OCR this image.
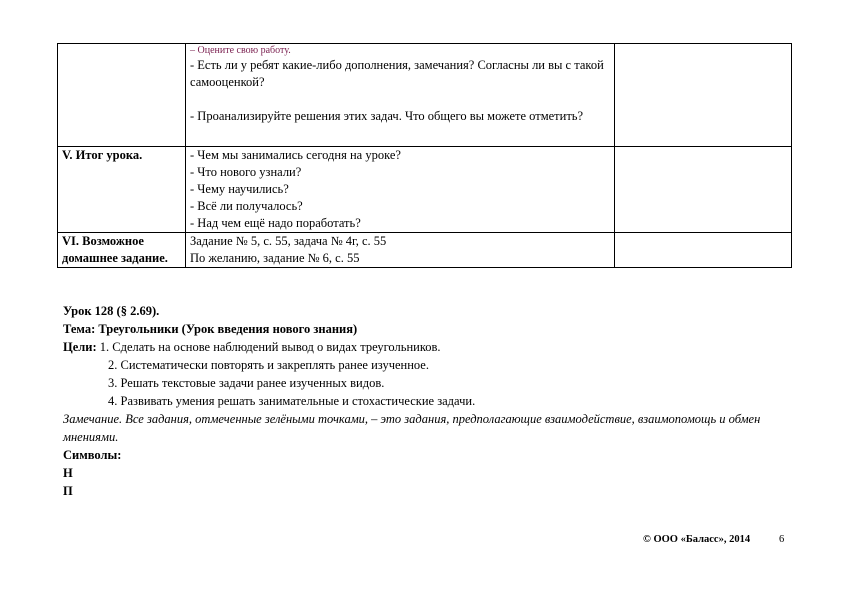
	– Оцените свою работу.
- Есть ли у ребят какие-либо дополнения, замечания? Согласны ли вы с такой самооценкой?
- Проанализируйте решения этих задач. Что общего вы можете отметить?	

V. Итог урока.	- Чем мы занимались сегодня на уроке?
- Что нового узнали?
- Чему научились?
- Всё ли получалось?
- Над чем ещё надо поработать?	

VI. Возможное домашнее задание.	Задание № 5, с. 55, задача № 4г, с. 55
По желанию, задание № 6, с. 55	

Урок 128 (§ 2.69).
Тема: Треугольники (Урок введения нового знания)
Цели: 1. Сделать на основе наблюдений вывод о видах треугольников.
2. Систематически повторять и закреплять ранее изученное.
3. Решать текстовые задачи ранее изученных видов.
4. Развивать умения решать занимательные и стохастические задачи.
Замечание. Все задания, отмеченные зелёными точками, – это задания, предполагающие взаимодействие, взаимопомощь и обмен мнениями.
Символы:
Н
П
© ООО «Баласс», 2014	6
